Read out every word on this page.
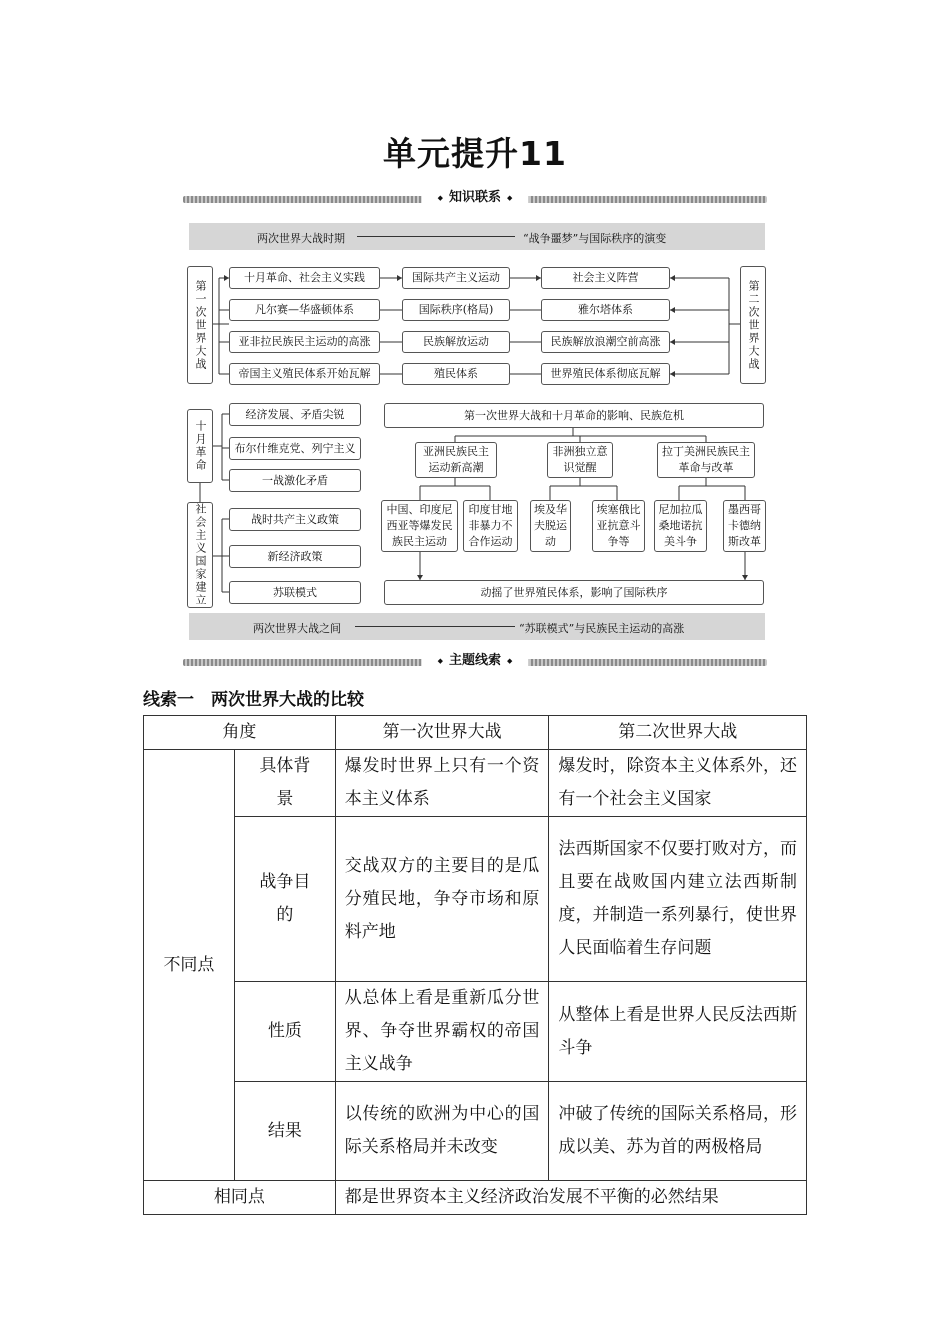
单元提升11
◆ 知识联系 ◆
两次世界大战时期	“战争噩梦”与国际秩序的演变
第一次世界大战	第二次世界大战
十月革命、社会主义实践
凡尔赛—华盛顿体系
亚非拉民族民主运动的高涨
帝国主义殖民体系开始瓦解
国际共产主义运动
国际秩序(格局)
民族解放运动
殖民体系
社会主义阵营
雅尔塔体系
民族解放浪潮空前高涨
世界殖民体系彻底瓦解
十月革命
经济发展、矛盾尖锐
布尔什维克党、列宁主义
一战激化矛盾
社会主义国家建立	战时共产主义政策
新经济政策
苏联模式
第一次世界大战和十月革命的影响、民族危机
亚洲民族民主运动新高潮
非洲独立意识觉醒
拉丁美洲民族民主革命与改革
中国、印度尼西亚等爆发民族民主运动
印度甘地非暴力不合作运动
埃及华夫脱运动
埃塞俄比亚抗意斗争等
尼加拉瓜桑地诺抗美斗争
墨西哥卡德纳斯改革
动摇了世界殖民体系，影响了国际秩序
两次世界大战之间	“苏联模式”与民族民主运动的高涨
◆ 主题线索 ◆
线索一　两次世界大战的比较
角度		第一次世界大战	第二次世界大战
不同点	具体背景	爆发时世界上只有一个资本主义体系	爆发时，除资本主义体系外，还有一个社会主义国家
	战争目的	交战双方的主要目的是瓜分殖民地，争夺市场和原料产地	法西斯国家不仅要打败对方，而且要在战败国内建立法西斯制度，并制造一系列暴行，使世界人民面临着生存问题
	性质	从总体上看是重新瓜分世界、争夺世界霸权的帝国主义战争	从整体上看是世界人民反法西斯斗争
	结果	以传统的欧洲为中心的国际关系格局并未改变	冲破了传统的国际关系格局，形成以美、苏为首的两极格局
相同点		都是世界资本主义经济政治发展不平衡的必然结果	
